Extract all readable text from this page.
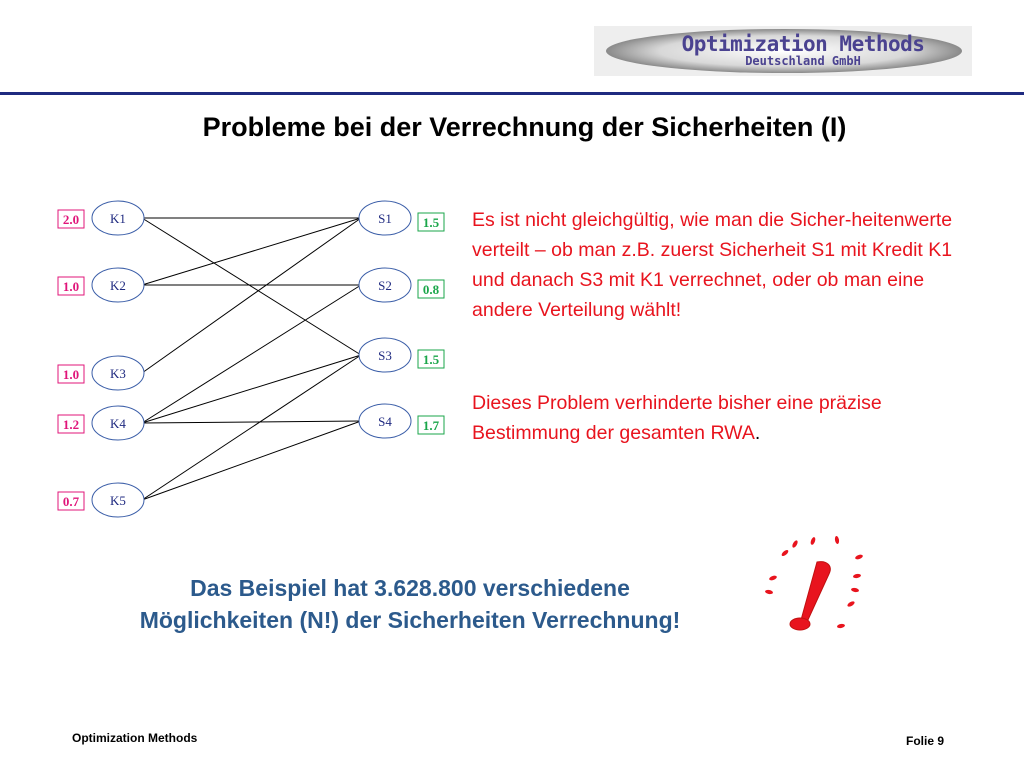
Optimization Methods
Deutschland GmbH
Probleme bei der Verrechnung der Sicherheiten (I)
2.0 K1
1.0 K2
1.0 K3
1.2 K4
0.7 K5
S1 1.5
S2 0.8
S3 1.5
S4 1.7
Es ist nicht gleichgültig, wie man die Sicher-heitenwerte verteilt – ob man z.B. zuerst Sicherheit S1 mit Kredit K1 und danach S3 mit K1 verrechnet, oder ob man eine andere Verteilung wählt!
Dieses Problem verhinderte bisher eine präzise Bestimmung der gesamten RWA.
Das Beispiel hat 3.628.800 verschiedene
Möglichkeiten (N!) der Sicherheiten Verrechnung!
Optimization Methods	Folie 9
